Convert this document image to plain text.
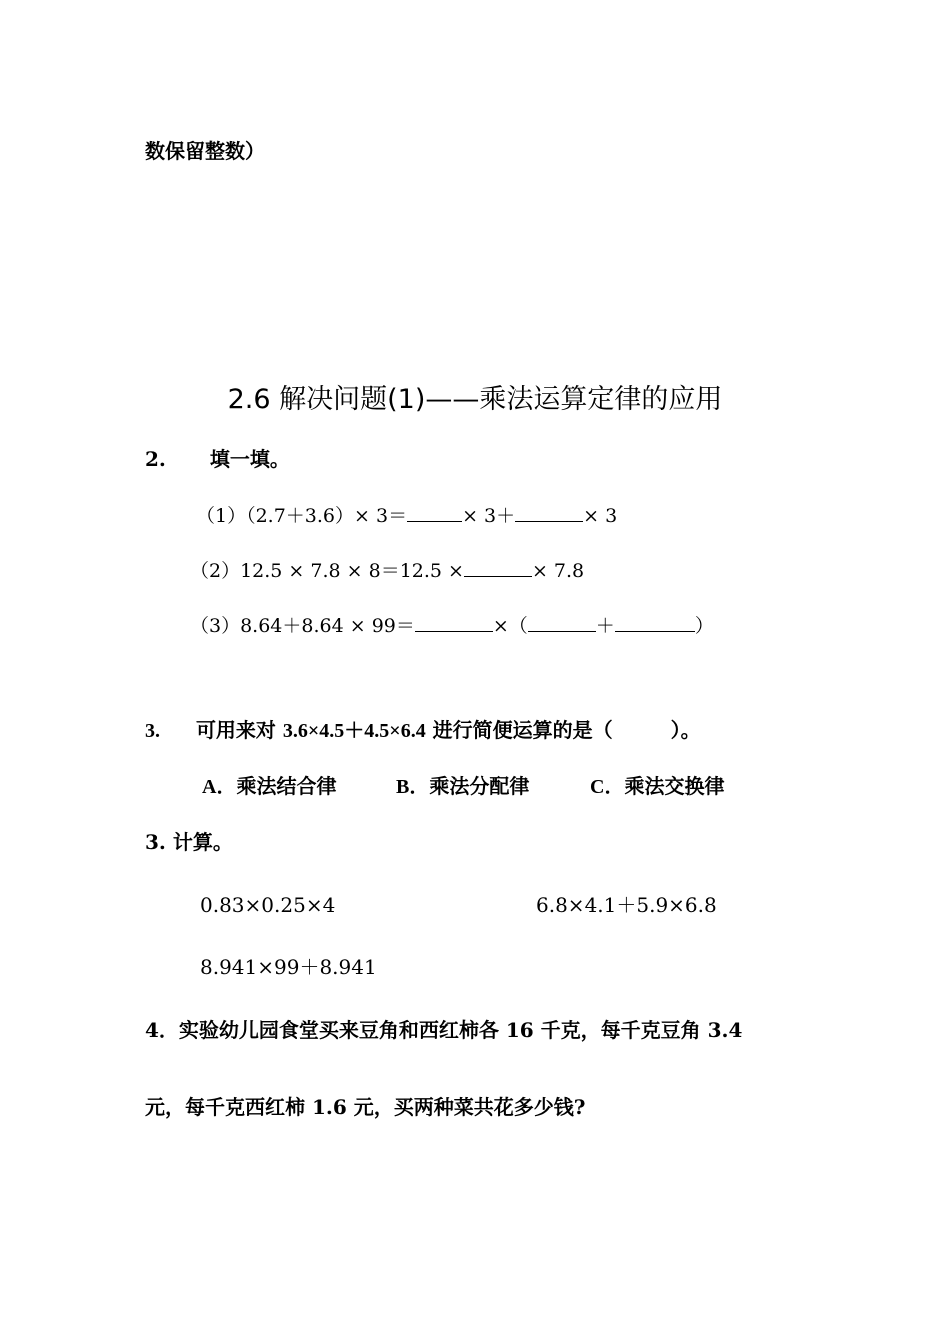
数保留整数）
2.6 解决问题(1)——乘法运算定律的应用
2. 填一填。
（1）（2.7＋3.6）× 3＝	× 3＋	× 3
（2）12.5 × 7.8 × 8＝12.5 ×	× 7.8
（3）8.64＋8.64 × 99＝	×（	＋	）
3. 可用来对 3.6×4.5＋4.5×6.4 进行简便运算的是（	）。
A．乘法结合律	B．乘法分配律	C．乘法交换律
3. 计算。
0.83×0.25×4	6.8×4.1＋5.9×6.8
8.941×99＋8.941
4．实验幼儿园食堂买来豆角和西红柿各 16 千克，每千克豆角 3.4
元，每千克西红柿 1.6 元，买两种菜共花多少钱?
